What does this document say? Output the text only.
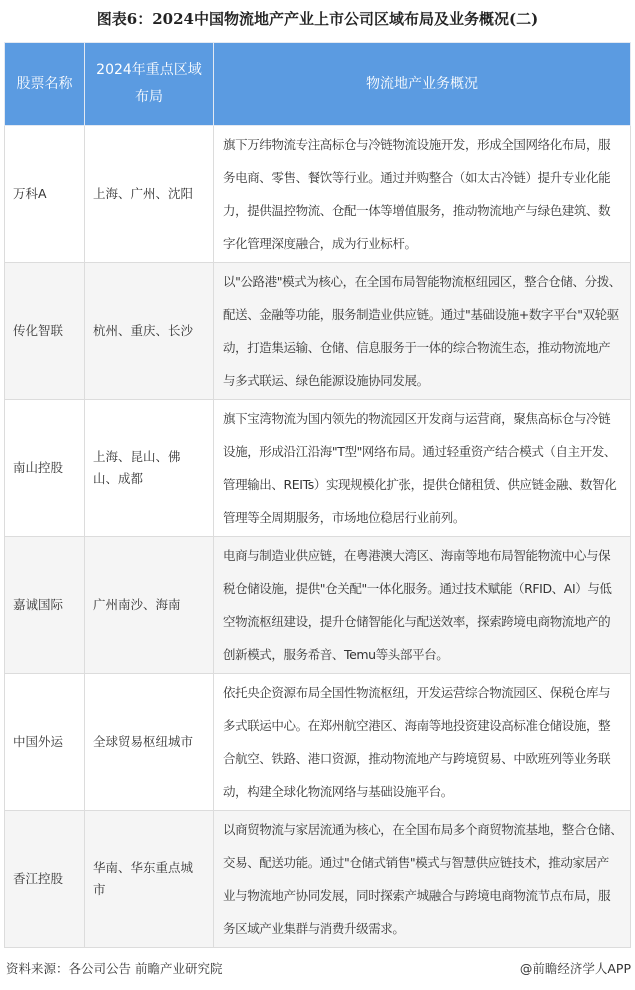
图表6：2024中国物流地产产业上市公司区域布局及业务概况(二)
股票名称	2024年重点区域布局	物流地产业务概况
万科A	上海、广州、沈阳	旗下万纬物流专注高标仓与冷链物流设施开发，形成全国网络化布局，服
务电商、零售、餐饮等行业。通过并购整合（如太古冷链）提升专业化能
力，提供温控物流、仓配一体等增值服务，推动物流地产与绿色建筑、数
字化管理深度融合，成为行业标杆。

传化智联	杭州、重庆、长沙	以"公路港"模式为核心，在全国布局智能物流枢纽园区，整合仓储、分拨、
配送、金融等功能，服务制造业供应链。通过"基础设施+数字平台"双轮驱
动，打造集运输、仓储、信息服务于一体的综合物流生态，推动物流地产
与多式联运、绿色能源设施协同发展。

南山控股	上海、昆山、佛山、成都	旗下宝湾物流为国内领先的物流园区开发商与运营商，聚焦高标仓与冷链
设施，形成沿江沿海"T型"网络布局。通过轻重资产结合模式（自主开发、
管理输出、REITs）实现规模化扩张，提供仓储租赁、供应链金融、数智化
管理等全周期服务，市场地位稳居行业前列。

嘉诚国际	广州南沙、海南	电商与制造业供应链，在粤港澳大湾区、海南等地布局智能物流中心与保
税仓储设施，提供"仓关配"一体化服务。通过技术赋能（RFID、AI）与低
空物流枢纽建设，提升仓储智能化与配送效率，探索跨境电商物流地产的
创新模式，服务希音、Temu等头部平台。

中国外运	全球贸易枢纽城市	依托央企资源布局全国性物流枢纽，开发运营综合物流园区、保税仓库与
多式联运中心。在郑州航空港区、海南等地投资建设高标准仓储设施，整
合航空、铁路、港口资源，推动物流地产与跨境贸易、中欧班列等业务联
动，构建全球化物流网络与基础设施平台。

香江控股	华南、华东重点城市	以商贸物流与家居流通为核心，在全国布局多个商贸物流基地，整合仓储、
交易、配送功能。通过"仓储式销售"模式与智慧供应链技术，推动家居产
业与物流地产协同发展，同时探索产城融合与跨境电商物流节点布局，服
务区域产业集群与消费升级需求。
资料来源：各公司公告 前瞻产业研究院	@前瞻经济学人APP
